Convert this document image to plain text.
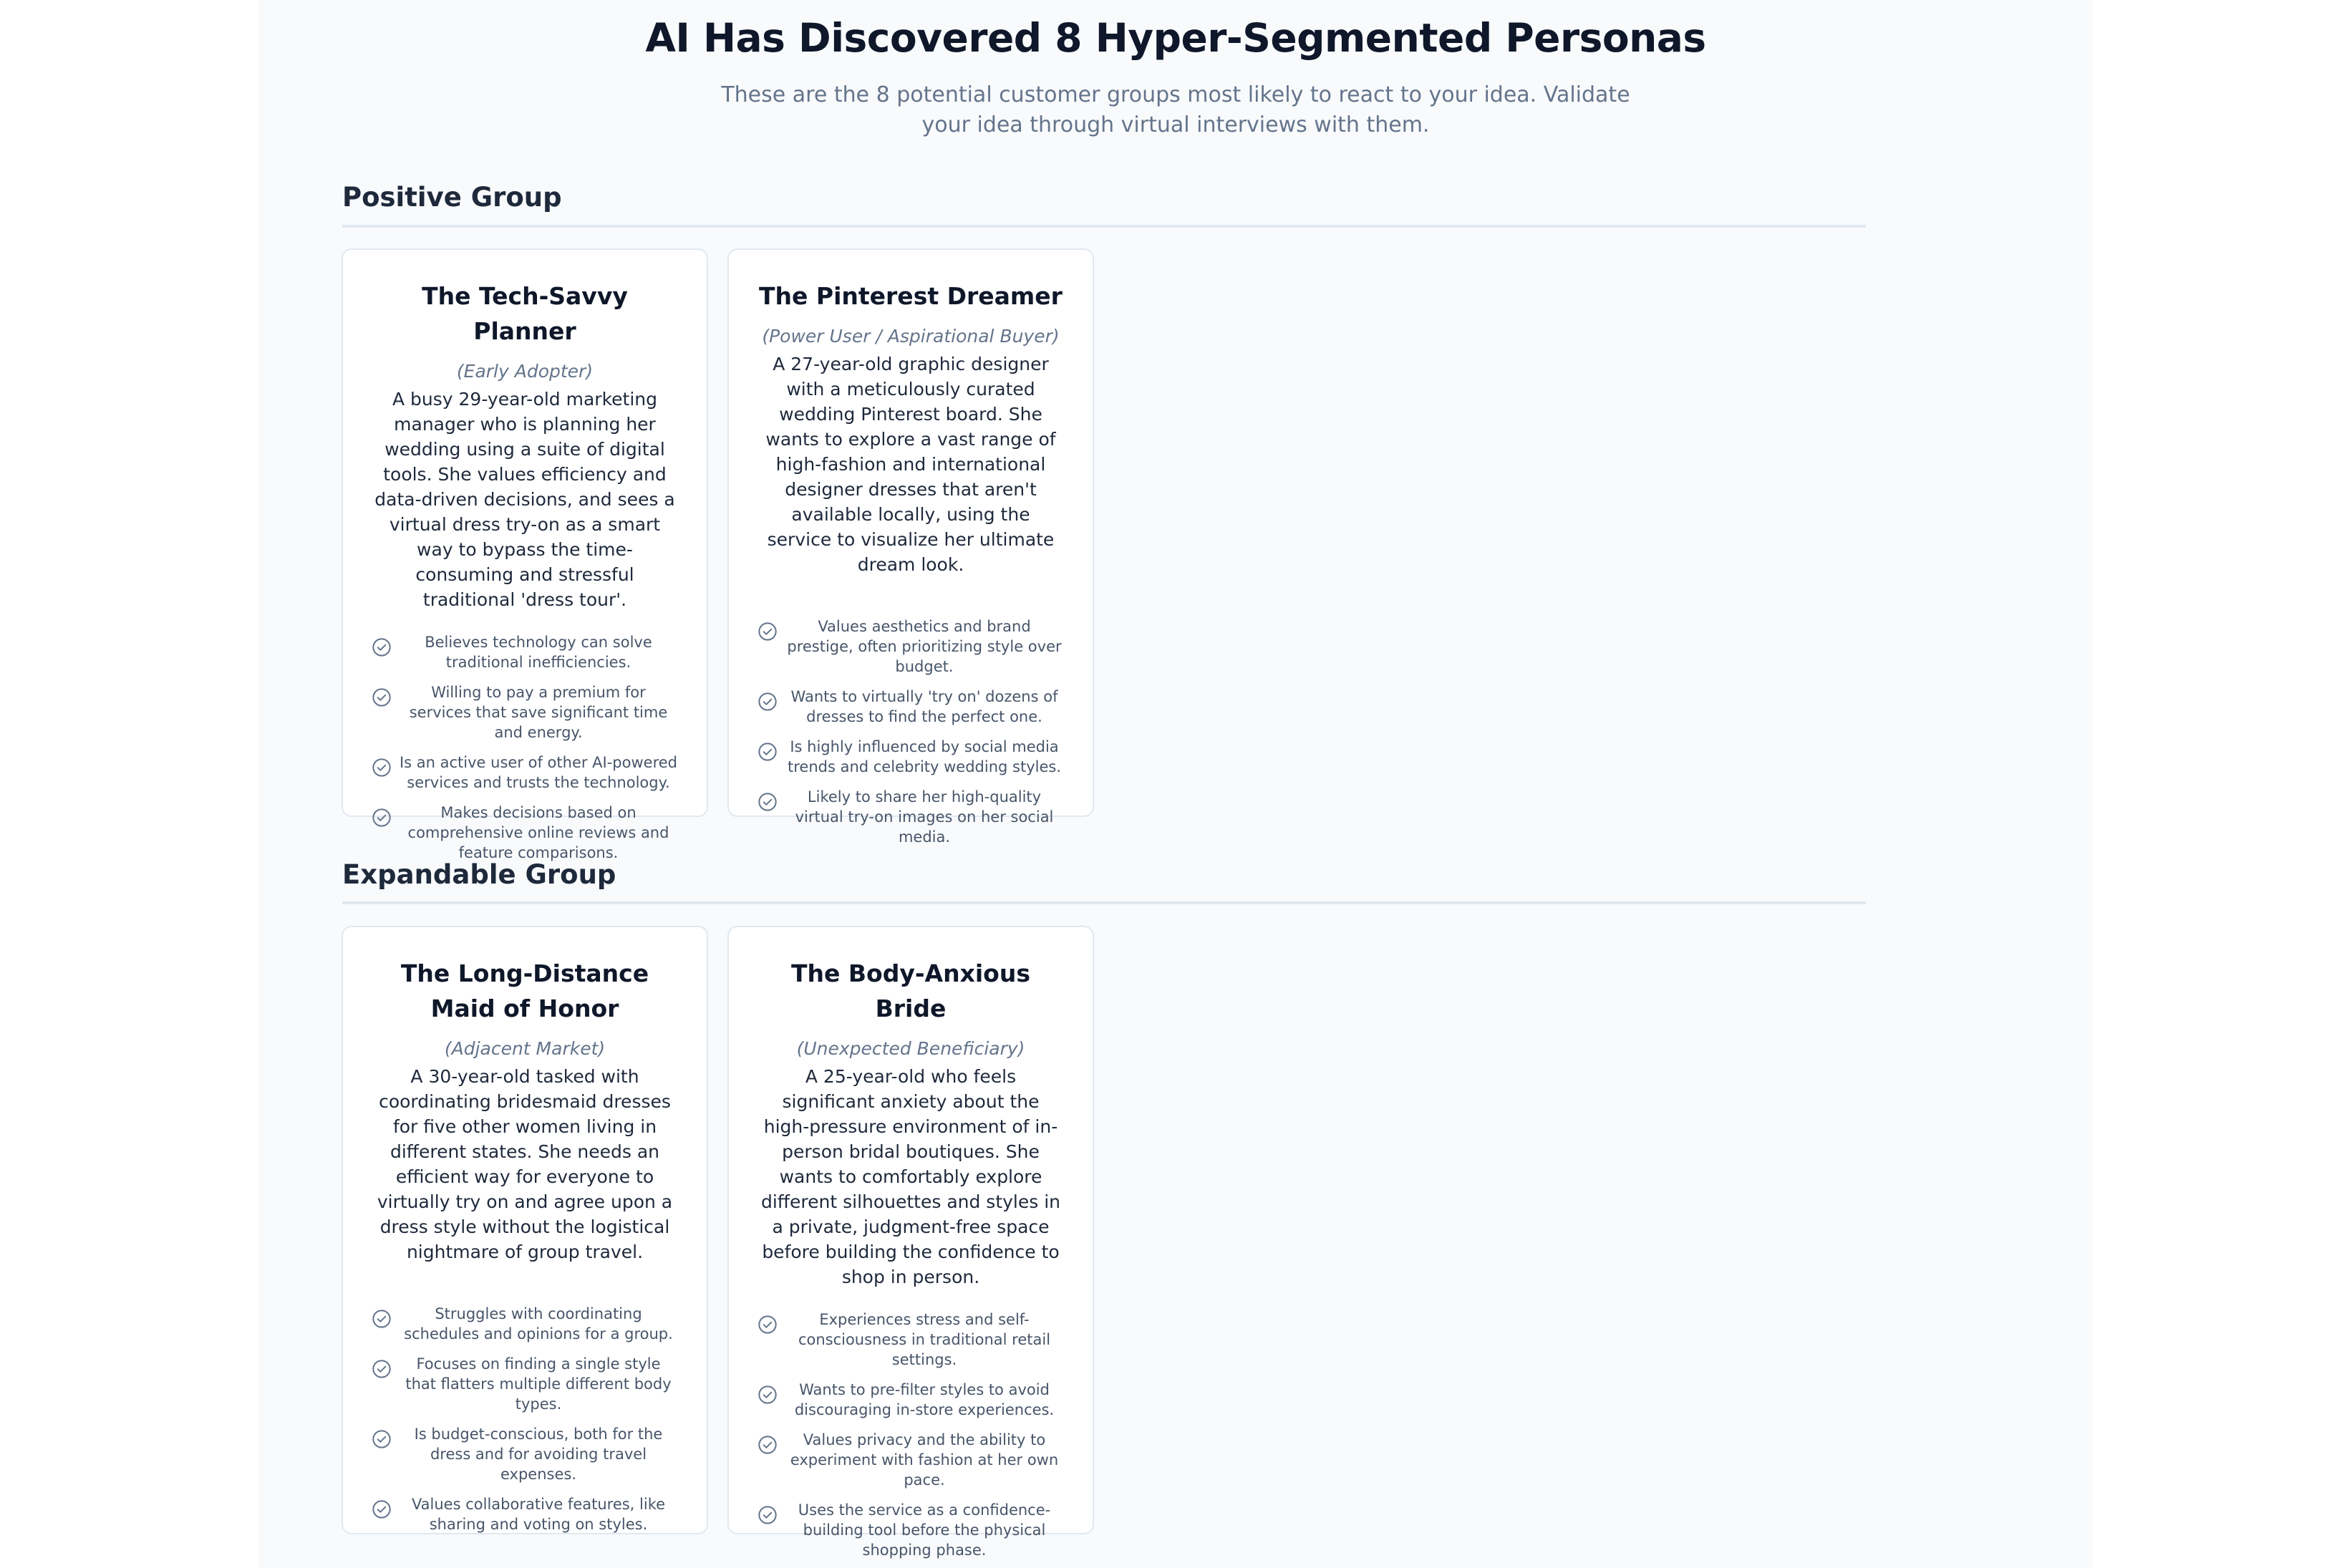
AI Has Discovered 8 Hyper-Segmented Personas

These are the 8 potential customer groups most likely to react to your idea. Validate your idea through virtual interviews with them.

Positive Group
The Tech-Savvy Planner
(Early Adopter)

A busy 29-year-old marketing manager who is planning her wedding using a suite of digital tools. She values efficiency and data-driven decisions, and sees a virtual dress try-on as a smart way to bypass the time-consuming and stressful traditional 'dress tour'.

Believes technology can solve traditional inefficiencies.
Willing to pay a premium for services that save significant time and energy.
Is an active user of other AI-powered services and trusts the technology.
Makes decisions based on comprehensive online reviews and feature comparisons.
The Pinterest Dreamer
(Power User / Aspirational Buyer)

A 27-year-old graphic designer with a meticulously curated wedding Pinterest board. She wants to explore a vast range of high-fashion and international designer dresses that aren't available locally, using the service to visualize her ultimate dream look.

Values aesthetics and brand prestige, often prioritizing style over budget.
Wants to virtually 'try on' dozens of dresses to find the perfect one.
Is highly influenced by social media trends and celebrity wedding styles.
Likely to share her high-quality virtual try-on images on her social media.
Expandable Group
The Long-Distance Maid of Honor
(Adjacent Market)

A 30-year-old tasked with coordinating bridesmaid dresses for five other women living in different states. She needs an efficient way for everyone to virtually try on and agree upon a dress style without the logistical nightmare of group travel.

Struggles with coordinating schedules and opinions for a group.
Focuses on finding a single style that flatters multiple different body types.
Is budget-conscious, both for the dress and for avoiding travel expenses.
Values collaborative features, like sharing and voting on styles.
The Body-Anxious Bride
(Unexpected Beneficiary)

A 25-year-old who feels significant anxiety about the high-pressure environment of in-person bridal boutiques. She wants to comfortably explore different silhouettes and styles in a private, judgment-free space before building the confidence to shop in person.

Experiences stress and self-consciousness in traditional retail settings.
Wants to pre-filter styles to avoid discouraging in-store experiences.
Values privacy and the ability to experiment with fashion at her own pace.
Uses the service as a confidence-building tool before the physical shopping phase.
